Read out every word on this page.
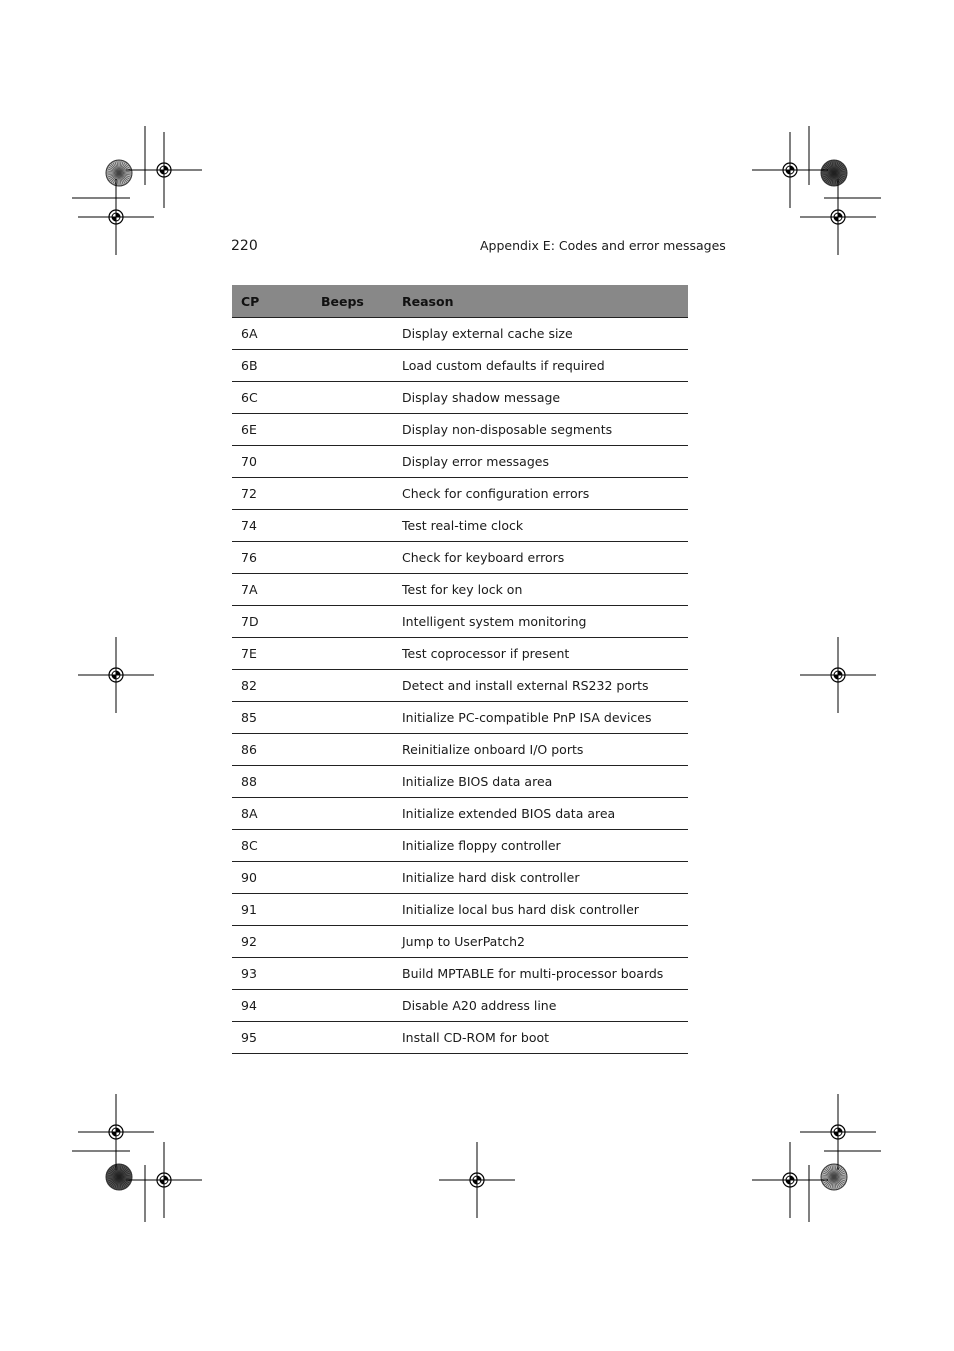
220	Appendix E: Codes and error messages
CP	Beeps	Reason
6A		Display external cache size
6B		Load custom defaults if required
6C		Display shadow message
6E		Display non-disposable segments
70		Display error messages
72		Check for configuration errors
74		Test real-time clock
76		Check for keyboard errors
7A		Test for key lock on
7D		Intelligent system monitoring
7E		Test coprocessor if present
82		Detect and install external RS232 ports
85		Initialize PC-compatible PnP ISA devices
86		Reinitialize onboard I/O ports
88		Initialize BIOS data area
8A		Initialize extended BIOS data area
8C		Initialize floppy controller
90		Initialize hard disk controller
91		Initialize local bus hard disk controller
92		Jump to UserPatch2
93		Build MPTABLE for multi-processor boards
94		Disable A20 address line
95		Install CD-ROM for boot
